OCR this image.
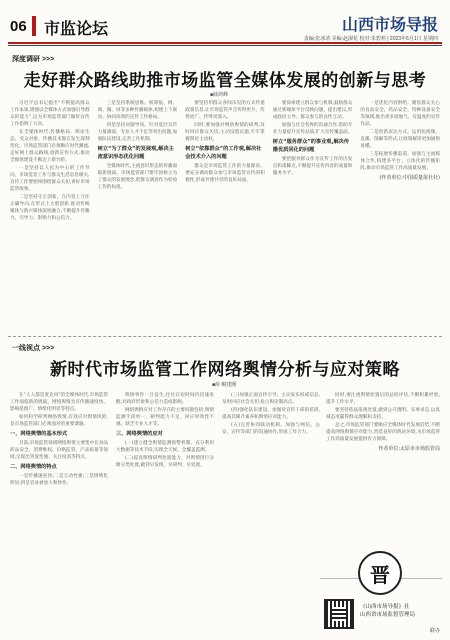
06 市监论坛	山西市场导报
责编:张冰清 美编:赵淑花 校对:朱碧莉 | 2023年6月1日 星期四
深度调研 >>>
走好群众路线助推市场监管全媒体发展的创新与思考
■薛鸿峰

习近平总书记提出“不断提高群众工作本领,增强以全媒体方式加强引导群众的能力”,这为市场监管部门做好宣传工作指明了方向。

在全媒体时代,传播格局、舆论生态、受众对象、传播技术都在发生深刻变化。市场监管部门必须顺应时代潮流,走好网上群众路线,创新宣传方式,推动全媒体建设不断迈上新台阶。

一是坚持以人民为中心的工作导向。市场监管工作与群众生活息息相关,宣传工作要始终围绕群众关切,讲好市场监管故事。

二是坚持守正创新。在内容上守住正确导向,在形式上大胆创新,推动传统媒体与新兴媒体深度融合,不断提升传播力、引导力、影响力和公信力。

三是坚持系统思维。统筹报、网、端、微、屏等多种传播载体,构建上下联动、协同高效的宣传工作格局。

四是坚持问题导向。针对基层宣传力量薄弱、专业人才不足等突出问题,加强队伍建设,完善工作机制。

树立“为了群众”的发展观,解决主流意识形态优化问题

全媒体时代,主流意识形态的传播面临新挑战。市场监管部门要牢固树立为了群众的发展理念,把群众满意作为检验工作的标准。

要坚持用群众喜闻乐见的方式传递政策信息,让市场监管声音传得更开、传得更广、传得更深入。

同时,要加强对网络舆情的研判,及时回应群众关切,主动设置议题,牢牢掌握舆论主动权。

树立“依靠群众”的工作观,解决社会技术介入的问题

群众是市场监管工作的力量源泉。要充分调动群众参与市场监管宣传的积极性,形成共建共享的良好局面。

要探索建立群众参与机制,鼓励群众通过新媒体平台反映问题、提出建议,形成政府主导、群众参与的良性互动。

加强与社会各界的沟通合作,借助专业力量提升宣传品质,扩大宣传覆盖面。

树立“服务群众”的事业观,解决传播优质回化的问题

要把服务群众作为宣传工作的出发点和落脚点,不断提升宣传内容的质量和服务水平。

一是优化内容供给。聚焦群众关心的食品安全、药品安全、特种设备安全等领域,推出更多接地气、有温度的宣传作品。

二是创新表达方式。运用短视频、直播、图解等形式,让政策解读更加通俗易懂。

三是拓展传播渠道。加强与主流媒体合作,构建多平台、立体化的传播矩阵,推动市场监管工作高质量发展。

(作者单位:中国质量报社社)
一线视点 >>>
新时代市场监管工作网络舆情分析与应对策略
■薛 鲲建刚

在“人人都是麦克风”的全媒体时代,市场监管工作面临新的挑战。网络舆情具有传播速度快、影响范围广、情绪化明显等特点。

如何科学研判网络舆情,有效应对舆情风险,是市场监管部门必须面对的重要课题。

一、网络舆情的基本形式

目前,市场监管领域网络舆情主要集中在食品药品安全、消费维权、价格监管、产品质量等领域,呈现出突发性强、关注度高等特点。

二、网络舆情的特点

一是传播速度快;二是互动性强;三是情绪化明显;四是容易被放大和炒作。

舆情事件一旦发生,往往在短时间内迅速发酵,对政府形象和公信力造成影响。

网络舆情应对工作存在的主要问题包括:舆情监测手段单一、研判能力不足、回应时效性不强、缺乏专业人才等。

三、网络舆情的应对

(一)建立健全舆情监测预警机制。充分利用大数据等技术手段,实现全天候、全覆盖监测。

(二)提高舆情研判处置能力。对舆情进行分级分类处置,做到早发现、早研判、早处置。

(三)加强正面宣传引导。主动发布权威信息,及时回应社会关切,抢占舆论制高点。

(四)强化队伍建设。加强对宣传干部的培训,提高其媒介素养和舆情应对能力。

(五)完善协同联动机制。加强与网信、公安、宣传等部门的沟通协作,形成工作合力。

同时,要注重舆情处置后的总结评估,不断积累经验,提升工作水平。

要坚持依法依规处置,做到公开透明、实事求是,以真诚态度赢得群众理解和支持。

总之,市场监管部门要顺应全媒体时代发展趋势,不断提高网络舆情应对能力,营造良好的舆论环境,为市场监管工作高质量发展提供有力保障。

作者单位:太原市市场监管局
晋
《山西市场导报》社
山西省市场监督管理局
联办
